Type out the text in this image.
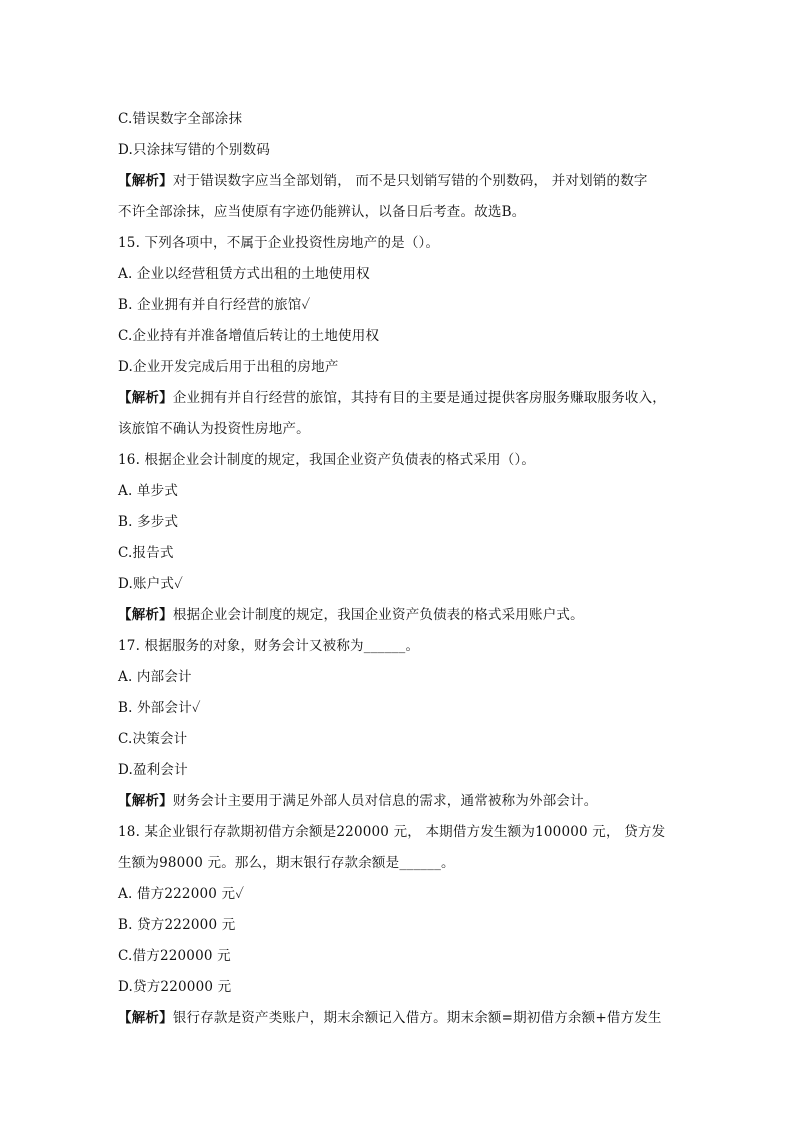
C.错误数字全部涂抹
D.只涂抹写错的个别数码
【解析】对于错误数字应当全部划销， 而不是只划销写错的个别数码， 并对划销的数字
不许全部涂抹，应当使原有字迹仍能辨认，以备日后考查。故选B。
15. 下列各项中，不属于企业投资性房地产的是（）。
A. 企业以经营租赁方式出租的土地使用权
B. 企业拥有并自行经营的旅馆✓
C.企业持有并准备增值后转让的土地使用权
D.企业开发完成后用于出租的房地产
【解析】企业拥有并自行经营的旅馆，其持有目的主要是通过提供客房服务赚取服务收入，
该旅馆不确认为投资性房地产。
16. 根据企业会计制度的规定，我国企业资产负债表的格式采用（）。
A. 单步式
B. 多步式
C.报告式
D.账户式✓
【解析】根据企业会计制度的规定，我国企业资产负债表的格式采用账户式。
17. 根据服务的对象，财务会计又被称为______。
A. 内部会计
B. 外部会计✓
C.决策会计
D.盈利会计
【解析】财务会计主要用于满足外部人员对信息的需求，通常被称为外部会计。
18. 某企业银行存款期初借方余额是220000 元， 本期借方发生额为100000 元， 贷方发
生额为98000 元。那么，期末银行存款余额是______。
A. 借方222000 元✓
B. 贷方222000 元
C.借方220000 元
D.贷方220000 元
【解析】银行存款是资产类账户，期末余额记入借方。期末余额=期初借方余额+借方发生
